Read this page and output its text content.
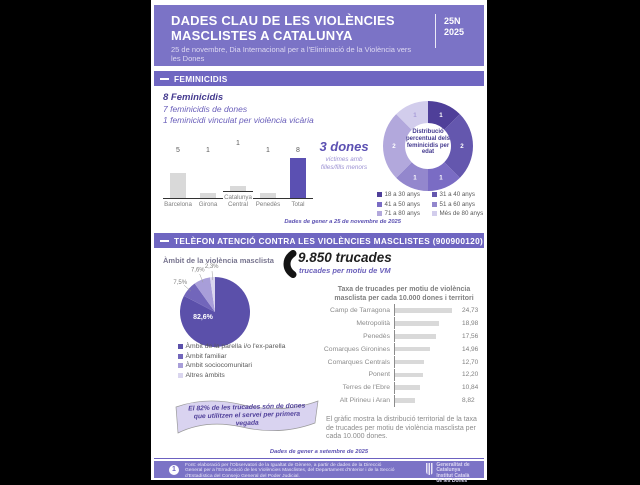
DADES CLAU DE LES VIOLÈNCIES
MASCLISTES A CATALUNYA
25 de novembre, Dia Internacional per a l'Eliminació de la Violència vers les Dones
25N
2025
FEMINICIDIS
8 Feminicidis
7 feminicidis de dones
1 feminicidi vinculat per violència vicària
5
Barcelona
1
Girona
1
Catalunya Central
1
Penedès
8
Total
3 dones
víctimes amb filles/fills menors
1
2
1
1
2
1
Distribució percentual dels feminicidis per edat
18 a 30 anys	31 a 40 anys
41 a 50 anys	51 a 60 anys
71 a 80 anys	Més de 80 anys
Dades de gener a 25 de novembre de 2025
TELÈFON ATENCIÓ CONTRA LES VIOLÈNCIES MASCLISTES (900900120)
Àmbit de la violència masclista
82,6%
7,5%
7,6%
2,3%
Àmbit de la parella i/o l'ex-parella
Àmbit familiar
Àmbit sociocomunitari
Altres àmbits
9.850 trucades
trucades per motiu de VM
Taxa de trucades per motiu de violència masclista per cada 10.000 dones i territori
Camp de Tarragona	24,73
Metropolità	18,98
Penedès	17,56
Comarques Gironines	14,96
Comarques Centrals	12,70
Ponent	12,20
Terres de l'Ebre	10,84
Alt Pirineu i Aran	8,82
El 82% de les trucades són de dones que utilitzen el servei per primera vegada
El gràfic mostra la distribució territorial de la taxa de trucades per motiu de violència masclista per cada 10.000 dones.
Dades de gener a setembre de 2025
1	Font: elaboració per l'Observatori de la Igualtat de Gènere, a partir de dades de la Direcció General per a l'Erradicació de les Violències Masclistes, del Departament d'Interior i de la Secció d'Estadística del Consejo General del Poder Judicial.
Generalitat de Catalunya
Institut Català
de les Dones
